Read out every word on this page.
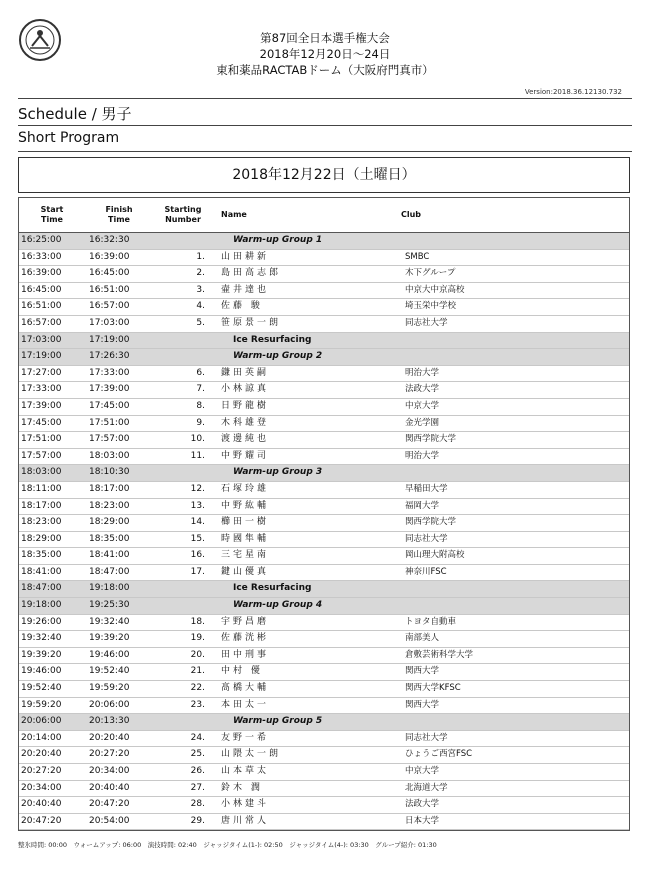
第87回全日本選手権大会
2018年12月20日～24日
東和薬品RACTABドーム（大阪府門真市）
Version:2018.36.12130.732
Schedule / 男子
Short Program
2018年12月22日（土曜日）
Start
Time
Finish
Time
Starting
Number
Name	Club
16:25:00	16:32:30	Warm-up Group 1
16:33:00	16:39:00	1.	山田耕新	SMBC
16:39:00	16:45:00	2.	島田高志郎	木下グループ
16:45:00	16:51:00	3.	壷井達也	中京大中京高校
16:51:00	16:57:00	4.	佐藤 駿	埼玉栄中学校
16:57:00	17:03:00	5.	笹原景一朗	同志社大学
17:03:00	17:19:00	Ice Resurfacing
17:19:00	17:26:30	Warm-up Group 2
17:27:00	17:33:00	6.	鎌田英嗣	明治大学
17:33:00	17:39:00	7.	小林諒真	法政大学
17:39:00	17:45:00	8.	日野龍樹	中京大学
17:45:00	17:51:00	9.	木科雄登	金光学園
17:51:00	17:57:00	10.	渡邊純也	関西学院大学
17:57:00	18:03:00	11.	中野耀司	明治大学
18:03:00	18:10:30	Warm-up Group 3
18:11:00	18:17:00	12.	石塚玲雄	早稲田大学
18:17:00	18:23:00	13.	中野紘輔	福岡大学
18:23:00	18:29:00	14.	櫛田一樹	関西学院大学
18:29:00	18:35:00	15.	時國隼輔	同志社大学
18:35:00	18:41:00	16.	三宅星南	岡山理大附高校
18:41:00	18:47:00	17.	鍵山優真	神奈川FSC
18:47:00	19:18:00	Ice Resurfacing
19:18:00	19:25:30	Warm-up Group 4
19:26:00	19:32:40	18.	宇野昌磨	トヨタ自動車
19:32:40	19:39:20	19.	佐藤洸彬	南部美人
19:39:20	19:46:00	20.	田中刑事	倉敷芸術科学大学
19:46:00	19:52:40	21.	中村 優	関西大学
19:52:40	19:59:20	22.	髙橋大輔	関西大学KFSC
19:59:20	20:06:00	23.	本田太一	関西大学
20:06:00	20:13:30	Warm-up Group 5
20:14:00	20:20:40	24.	友野一希	同志社大学
20:20:40	20:27:20	25.	山隈太一朗	ひょうご西宮FSC
20:27:20	20:34:00	26.	山本草太	中京大学
20:34:00	20:40:40	27.	鈴木 潤	北海道大学
20:40:40	20:47:20	28.	小林建斗	法政大学
20:47:20	20:54:00	29.	唐川常人	日本大学
整氷時間: 00:00　ウォームアップ: 06:00　演技時間: 02:40　ジャッジタイム(1-): 02:50　ジャッジタイム(4-): 03:30　グループ紹介: 01:30
